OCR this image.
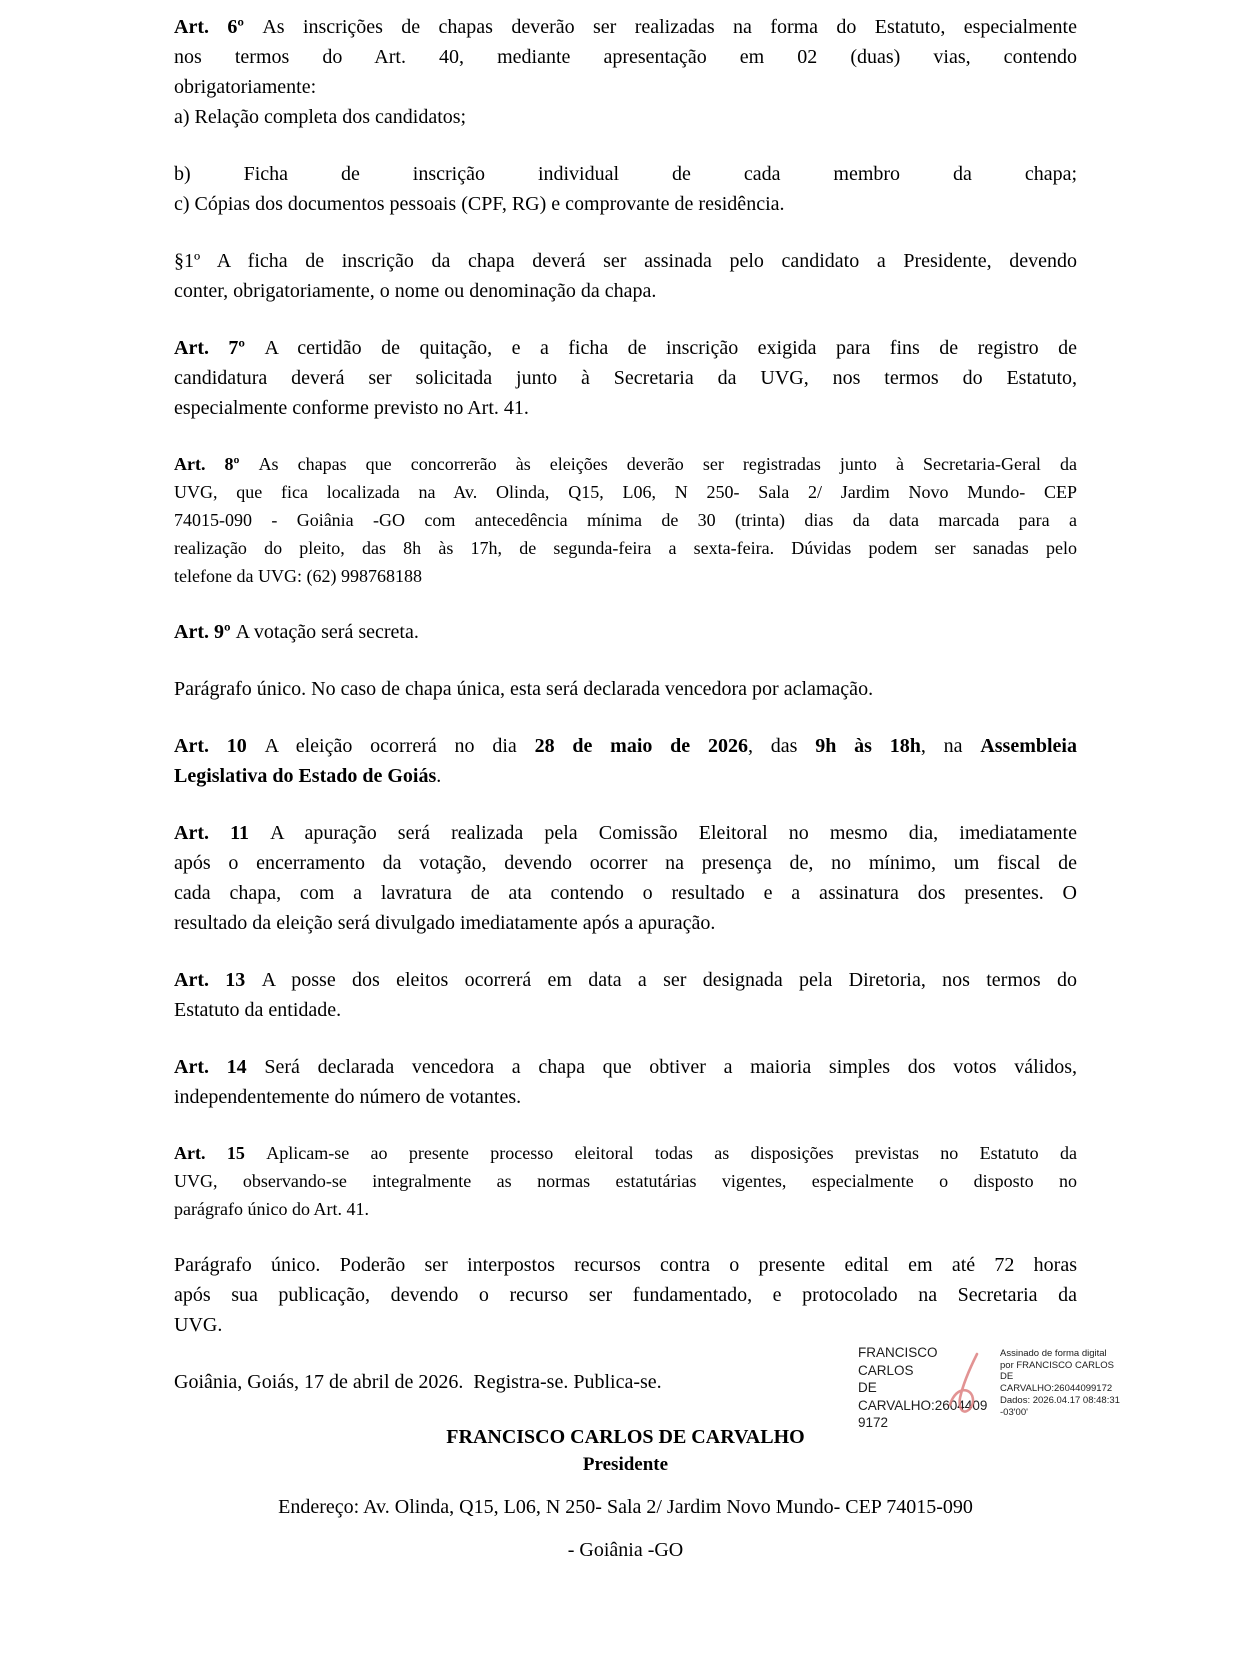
Art. 6º As inscrições de chapas deverão ser realizadas na forma do Estatuto, especialmente
nos termos do Art. 40, mediante apresentação em 02 (duas) vias, contendo
obrigatoriamente:
a) Relação completa dos candidatos;
b) Ficha de inscrição individual de cada membro da chapa;
c) Cópias dos documentos pessoais (CPF, RG) e comprovante de residência.
§1º A ficha de inscrição da chapa deverá ser assinada pelo candidato a Presidente, devendo
conter, obrigatoriamente, o nome ou denominação da chapa.
Art. 7º A certidão de quitação, e a ficha de inscrição exigida para fins de registro de
candidatura deverá ser solicitada junto à Secretaria da UVG, nos termos do Estatuto,
especialmente conforme previsto no Art. 41.
Art. 8º As chapas que concorrerão às eleições deverão ser registradas junto à Secretaria-Geral da
UVG, que fica localizada na Av. Olinda, Q15, L06, N 250- Sala 2/ Jardim Novo Mundo- CEP
74015-090 - Goiânia -GO com antecedência mínima de 30 (trinta) dias da data marcada para a
realização do pleito, das 8h às 17h, de segunda-feira a sexta-feira. Dúvidas podem ser sanadas pelo
telefone da UVG: (62) 998768188
Art. 9º A votação será secreta.
Parágrafo único. No caso de chapa única, esta será declarada vencedora por aclamação.
Art. 10 A eleição ocorrerá no dia 28 de maio de 2026, das 9h às 18h, na Assembleia
Legislativa do Estado de Goiás.
Art. 11 A apuração será realizada pela Comissão Eleitoral no mesmo dia, imediatamente
após o encerramento da votação, devendo ocorrer na presença de, no mínimo, um fiscal de
cada chapa, com a lavratura de ata contendo o resultado e a assinatura dos presentes. O
resultado da eleição será divulgado imediatamente após a apuração.
Art. 13 A posse dos eleitos ocorrerá em data a ser designada pela Diretoria, nos termos do
Estatuto da entidade.
Art. 14 Será declarada vencedora a chapa que obtiver a maioria simples dos votos válidos,
independentemente do número de votantes.
Art. 15 Aplicam-se ao presente processo eleitoral todas as disposições previstas no Estatuto da
UVG, observando-se integralmente as normas estatutárias vigentes, especialmente o disposto no
parágrafo único do Art. 41.
Parágrafo único. Poderão ser interpostos recursos contra o presente edital em até 72 horas
após sua publicação, devendo o recurso ser fundamentado, e protocolado na Secretaria da
UVG.
Goiânia, Goiás, 17 de abril de 2026.  Registra-se. Publica-se.
FRANCISCO CARLOS DE CARVALHO
Presidente
Endereço: Av. Olinda, Q15, L06, N 250- Sala 2/ Jardim Novo Mundo- CEP 74015-090
- Goiânia -GO
FRANCISCO CARLOS
DE
CARVALHO:2604409
9172
Assinado de forma digital
por FRANCISCO CARLOS DE
CARVALHO:26044099172
Dados: 2026.04.17 08:48:31
-03'00'
